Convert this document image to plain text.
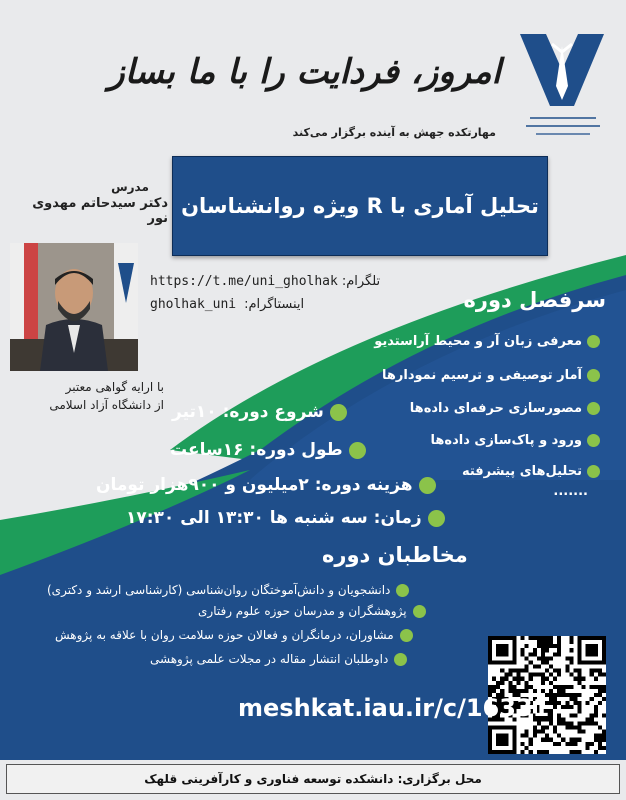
امروز، فردایت را با ما بساز
مهارتکده جهش به آینده برگزار می‌کند
تحلیل آماری با R ویژه روانشناسان
مدرس
دکتر سیدحاتم مهدوی نور
با ارایه گواهی معتبر
از دانشگاه آزاد اسلامی
https://t.me/uni_gholhak تلگرام:
gholhak_uni اینستاگرام:	سرفصل دوره
معرفی زبان آر و محیط آراستدیو
آمار توصیفی و ترسیم نمودارها
مصورسازی حرفه‌ای داده‌ها
ورود و پاک‌سازی داده‌ها
تحلیل‌های پیشرفته
.......
شروع دوره: ۱۰تیر
طول دوره: ۱۶ساعت
هزینه دوره: ۲میلیون و ۹۰۰هزار تومان
زمان: سه شنبه ها ۱۳:۳۰ الی ۱۷:۳۰
مخاطبان دوره
دانشجویان و دانش‌آموختگان روان‌شناسی (کارشناسی ارشد و دکتری)
پژوهشگران و مدرسان حوزه علوم رفتاری
مشاوران، درمانگران و فعالان حوزه سلامت روان با علاقه به پژوهش
داوطلبان انتشار مقاله در مجلات علمی پژوهشی
meshkat.iau.ir/c/16331
محل برگزاری: دانشکده توسعه فناوری و کارآفرینی قلهک
